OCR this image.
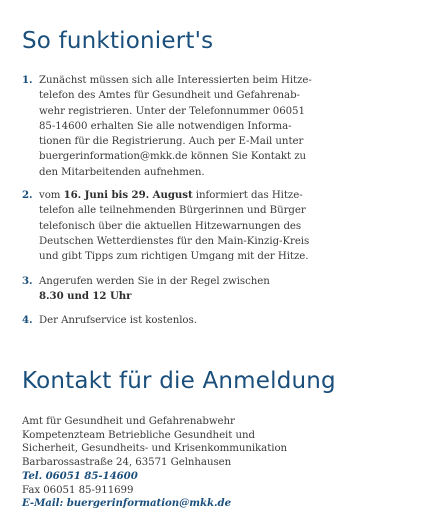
So funktioniert's
1. Zunächst müssen sich alle Interessierten beim Hitze-
telefon des Amtes für Gesundheit und Gefahrenab-
wehr registrieren. Unter der Telefonnummer 06051
85-14600 erhalten Sie alle notwendigen Informa-
tionen für die Registrierung. Auch per E-Mail unter
buergerinformation@mkk.de können Sie Kontakt zu
den Mitarbeitenden aufnehmen.
2. vom 16. Juni bis 29. August informiert das Hitze-
telefon alle teilnehmenden Bürgerinnen und Bürger
telefonisch über die aktuellen Hitzewarnungen des
Deutschen Wetterdienstes für den Main-Kinzig-Kreis
und gibt Tipps zum richtigen Umgang mit der Hitze.
3. Angerufen werden Sie in der Regel zwischen
8.30 und 12 Uhr
4. Der Anrufservice ist kostenlos.
Kontakt für die Anmeldung
Amt für Gesundheit und Gefahrenabwehr
Kompetenzteam Betriebliche Gesundheit und
Sicherheit, Gesundheits- und Krisenkommunikation
Barbarossastraße 24, 63571 Gelnhausen
Tel. 06051 85-14600
Fax 06051 85-911699
E-Mail: buergerinformation@mkk.de
